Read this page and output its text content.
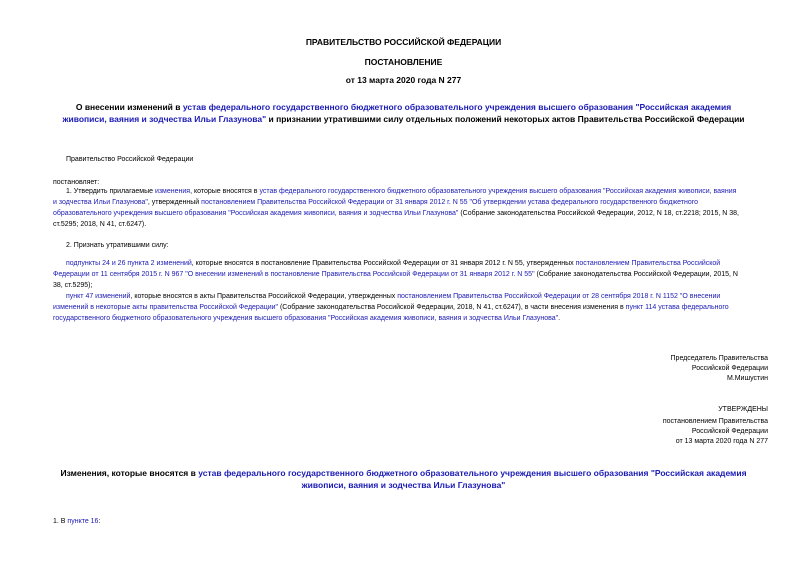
ПРАВИТЕЛЬСТВО РОССИЙСКОЙ ФЕДЕРАЦИИ
ПОСТАНОВЛЕНИЕ
от 13 марта 2020 года N 277
О внесении изменений в устав федерального государственного бюджетного образовательного учреждения высшего образования "Российская академия живописи, ваяния и зодчества Ильи Глазунова" и признании утратившими силу отдельных положений некоторых актов Правительства Российской Федерации
Правительство Российской Федерации
постановляет:
1. Утвердить прилагаемые изменения, которые вносятся в устав федерального государственного бюджетного образовательного учреждения высшего образования "Российская академия живописи, ваяния и зодчества Ильи Глазунова", утвержденный постановлением Правительства Российской Федерации от 31 января 2012 г. N 55 "Об утверждении устава федерального государственного бюджетного образовательного учреждения высшего образования "Российская академия живописи, ваяния и зодчества Ильи Глазунова" (Собрание законодательства Российской Федерации, 2012, N 18, ст.2218; 2015, N 38, ст.5295; 2018, N 41, ст.6247).
2. Признать утратившими силу:
подпункты 24 и 26 пункта 2 изменений, которые вносятся в постановление Правительства Российской Федерации от 31 января 2012 г. N 55, утвержденных постановлением Правительства Российской Федерации от 11 сентября 2015 г. N 967 "О внесении изменений в постановление Правительства Российской Федерации от 31 января 2012 г. N 55" (Собрание законодательства Российской Федерации, 2015, N 38, ст.5295);
пункт 47 изменений, которые вносятся в акты Правительства Российской Федерации, утвержденных постановлением Правительства Российской Федерации от 28 сентября 2018 г. N 1152 "О внесении изменений в некоторые акты правительства Российской Федерации" (Собрание законодательства Российской Федерации, 2018, N 41, ст.6247), в части внесения изменения в пункт 114 устава федерального государственного бюджетного образовательного учреждения высшего образования "Российская академия живописи, ваяния и зодчества Ильи Глазунова".
Председатель Правительства
Российской Федерации
М.Мишустин
УТВЕРЖДЕНЫ
постановлением Правительства
Российской Федерации
от 13 марта 2020 года N 277
Изменения, которые вносятся в устав федерального государственного бюджетного образовательного учреждения высшего образования "Российская академия живописи, ваяния и зодчества Ильи Глазунова"
1. В пункте 16:
